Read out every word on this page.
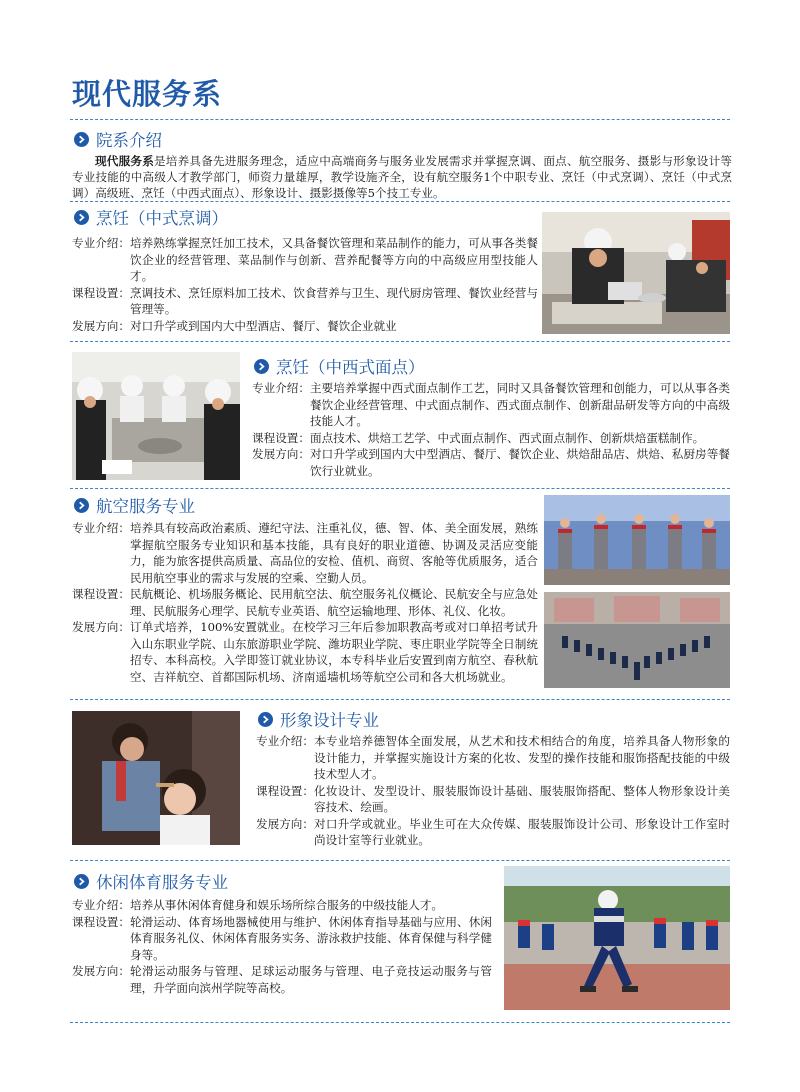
现代服务系
院系介绍

现代服务系是培养具备先进服务理念，适应中高端商务与服务业发展需求并掌握烹调、面点、航空服务、摄影与形象设计等专业技能的中高级人才教学部门，师资力量雄厚，教学设施齐全，设有航空服务1个中职专业、烹饪（中式烹调）、烹饪（中式烹调）高级班、烹饪（中西式面点）、形象设计、摄影摄像等5个技工专业。

烹饪（中式烹调）
专业介绍： 培养熟练掌握烹饪加工技术，又具备餐饮管理和菜品制作的能力，可从事各类餐饮企业的经营管理、菜品制作与创新、营养配餐等方向的中高级应用型技能人才。
课程设置： 烹调技术、烹饪原料加工技术、饮食营养与卫生、现代厨房管理、餐饮业经营与管理等。
发展方向： 对口升学或到国内大中型酒店、餐厅、餐饮企业就业
烹饪（中西式面点）
专业介绍： 主要培养掌握中西式面点制作工艺，同时又具备餐饮管理和创能力，可以从事各类餐饮企业经营管理、中式面点制作、西式面点制作、创新甜品研发等方向的中高级技能人才。
课程设置： 面点技术、烘焙工艺学、中式面点制作、西式面点制作、创新烘焙蛋糕制作。
发展方向： 对口升学或到国内大中型酒店、餐厅、餐饮企业、烘焙甜品店、烘焙、私厨房等餐饮行业就业。
航空服务专业
专业介绍： 培养具有较高政治素质、遵纪守法、注重礼仪，德、智、体、美全面发展，熟练掌握航空服务专业知识和基本技能，具有良好的职业道德、协调及灵活应变能力，能为旅客提供高质量、高品位的安检、值机、商贸、客舱等优质服务，适合民用航空事业的需求与发展的空乘、空勤人员。
课程设置： 民航概论、机场服务概论、民用航空法、航空服务礼仪概论、民航安全与应急处理、民航服务心理学、民航专业英语、航空运输地理、形体、礼仪、化妆。
发展方向： 订单式培养，100%安置就业。在校学习三年后参加职教高考或对口单招考试升入山东职业学院、山东旅游职业学院、潍坊职业学院、枣庄职业学院等全日制统招专、本科高校。入学即签订就业协议，本专科毕业后安置到南方航空、春秋航空、吉祥航空、首都国际机场、济南遥墙机场等航空公司和各大机场就业。
形象设计专业
专业介绍： 本专业培养德智体全面发展，从艺术和技术相结合的角度，培养具备人物形象的设计能力，并掌握实施设计方案的化妆、发型的操作技能和服饰搭配技能的中级技术型人才。
课程设置： 化妆设计、发型设计、服装服饰设计基础、服装服饰搭配、整体人物形象设计美容技术、绘画。
发展方向： 对口升学或就业。毕业生可在大众传媒、服装服饰设计公司、形象设计工作室时尚设计室等行业就业。
休闲体育服务专业
专业介绍： 培养从事休闲体育健身和娱乐场所综合服务的中级技能人才。
课程设置： 轮滑运动、体育场地器械使用与维护、休闲体育指导基础与应用、休闲体育服务礼仪、休闲体育服务实务、游泳救护技能、体育保健与科学健身等。
发展方向： 轮滑运动服务与管理、足球运动服务与管理、电子竞技运动服务与管理，升学面向滨州学院等高校。
